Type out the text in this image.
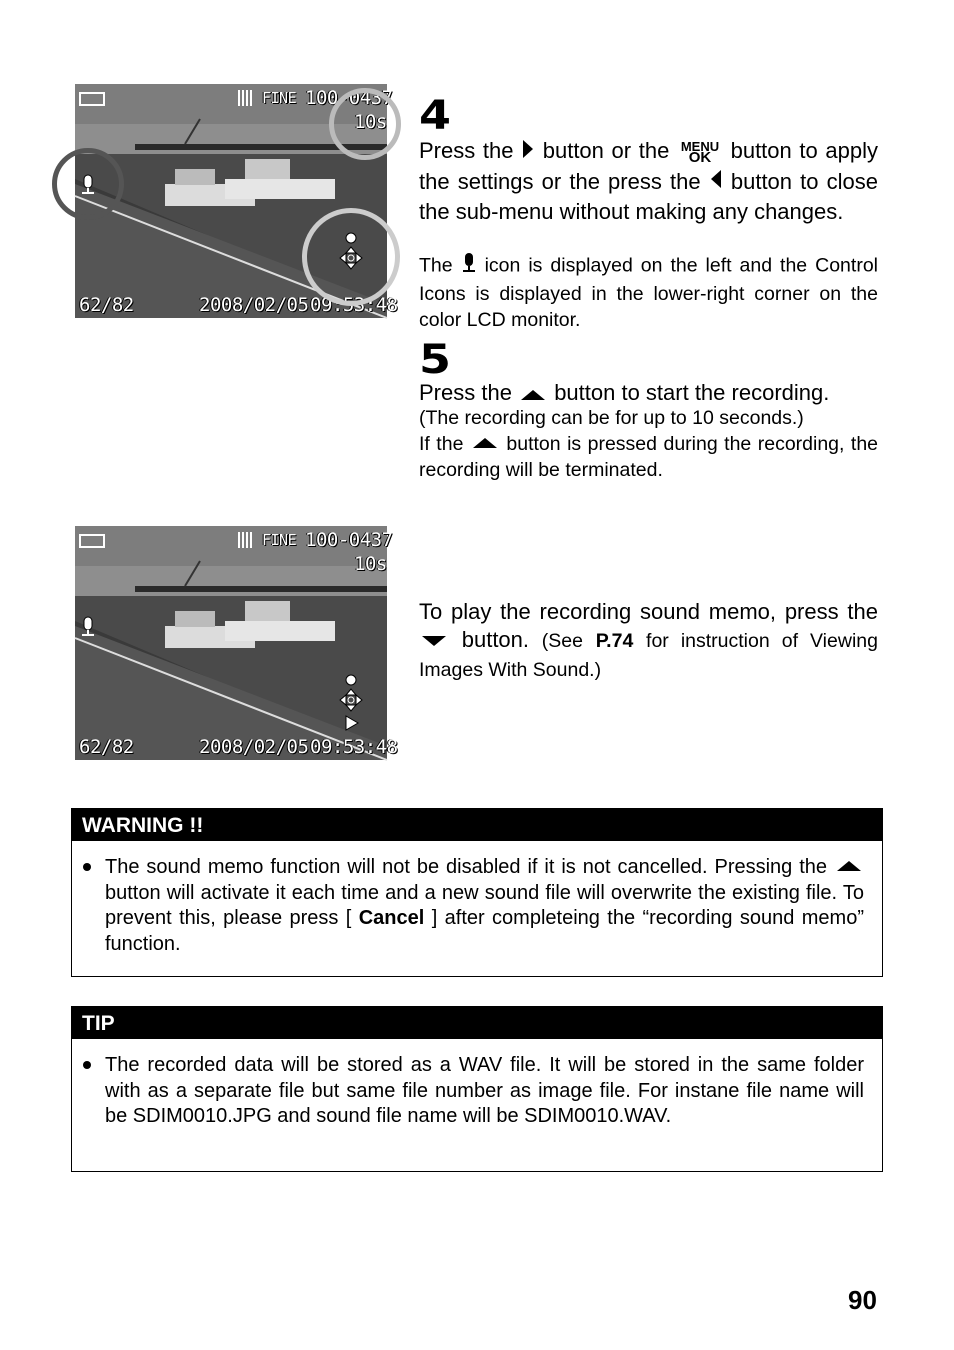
FINE 100-0437
10s
62/82	2008/02/05 09:53:48
4
Press the button or the MENU
OK button to apply the settings or the press the button to close the sub-menu without making any changes.
The icon is displayed on the left and the Control Icons is displayed in the lower-right corner on the color LCD monitor.
5
Press the button to start the recording.
(The recording can be for up to 10 seconds.)
If the button is pressed during the recording, the recording will be terminated.
FINE 100-0437
10s
62/82	2008/02/05 09:53:48
To play the recording sound memo, press the  button. (See P.74 for instruction of Viewing Images With Sound.)
WARNING !!
The sound memo function will not be disabled if it is not cancelled. Pressing the  button will activate it each time and a new sound file will overwrite the existing file. To prevent this, please press [ Cancel ] after completeing the “recording sound memo” function.
TIP
The recorded data will be stored as a WAV file. It will be stored in the same folder with as a separate file but same file number as image file. For instane file name will be SDIM0010.JPG and sound file name will be SDIM0010.WAV.
90
